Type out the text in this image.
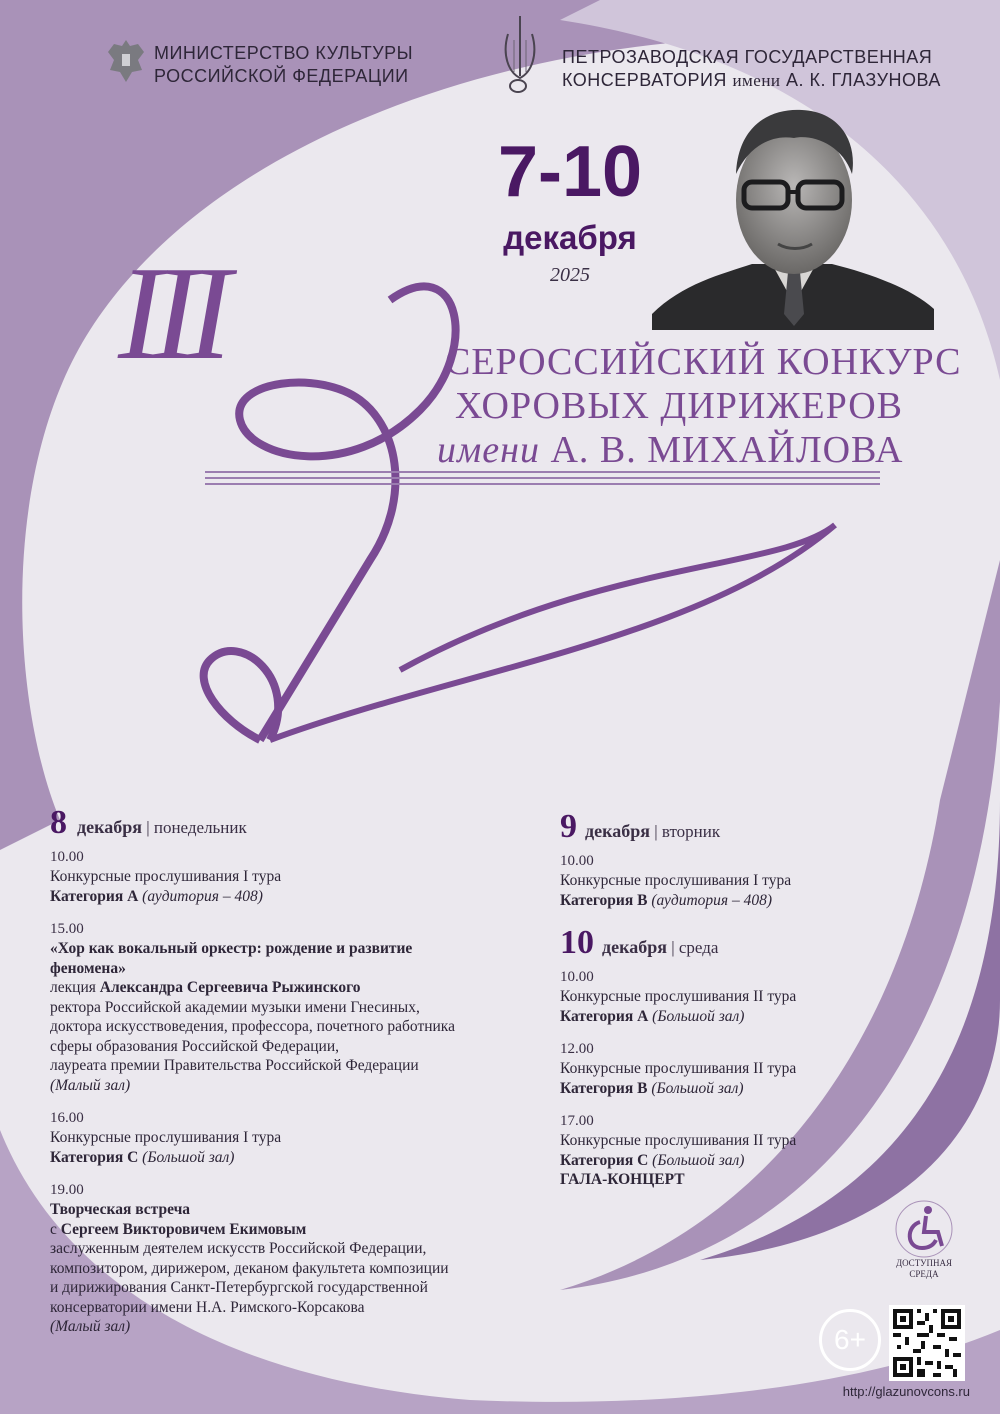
МИНИСТЕРСТВО КУЛЬТУРЫ
РОССИЙСКОЙ ФЕДЕРАЦИИ
ПЕТРОЗАВОДСКАЯ ГОСУДАРСТВЕННАЯ
КОНСЕРВАТОРИЯ имени А. К. ГЛАЗУНОВА
7-10
декабря
2025
III	СЕРОССИЙСКИЙ КОНКУРС
ХОРОВЫХ ДИРИЖЕРОВ
имени А. В. МИХАЙЛОВА
8 декабря | понедельник
10.00
Конкурсные прослушивания I тура
Категория А (аудитория – 408)
15.00
«Хор как вокальный оркестр: рождение и развитие
феномена»
лекция Александра Сергеевича Рыжинского
ректора Российской академии музыки имени Гнесиных,
доктора искусствоведения, профессора, почетного работника
сферы образования Российской Федерации,
лауреата премии Правительства Российской Федерации
(Малый зал)
16.00
Конкурсные прослушивания I тура
Категория С (Большой зал)
19.00
Творческая встреча
с Сергеем Викторовичем Екимовым
заслуженным деятелем искусств Российской Федерации,
композитором, дирижером, деканом факультета композиции
и дирижирования Санкт-Петербургской государственной
консерватории имени Н.А. Римского-Корсакова
(Малый зал)
9 декабря | вторник
10.00
Конкурсные прослушивания I тура
Категория В (аудитория – 408)
10 декабря | среда
10.00
Конкурсные прослушивания II тура
Категория А (Большой зал)
12.00
Конкурсные прослушивания II тура
Категория В (Большой зал)
17.00
Конкурсные прослушивания II тура
Категория С (Большой зал)
ГАЛА-КОНЦЕРТ
ДОСТУПНАЯ
СРЕДА
6+
http://glazunovcons.ru
